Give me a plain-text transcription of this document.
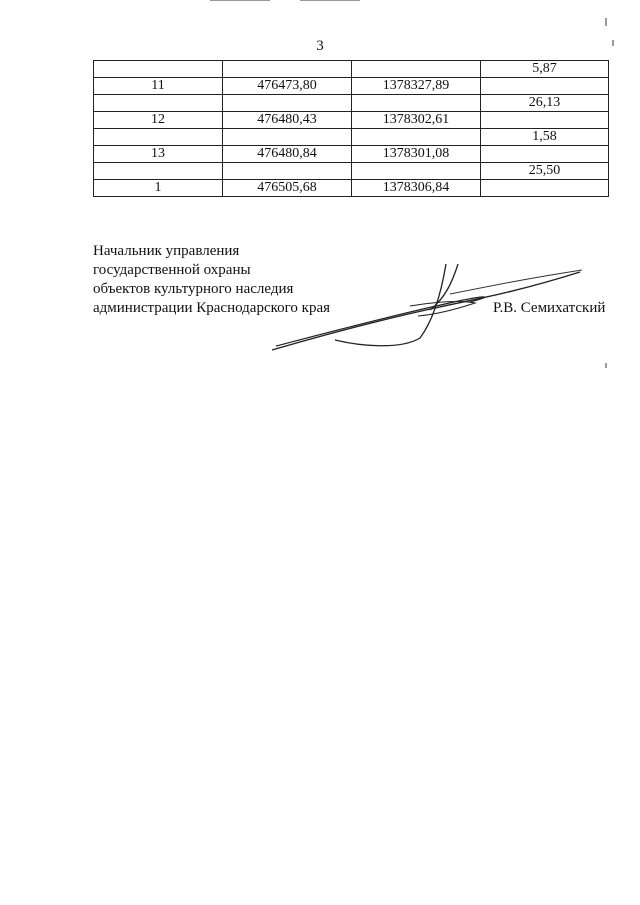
3
			5,87
11	476473,80	1378327,89	
			26,13
12	476480,43	1378302,61	
			1,58
13	476480,84	1378301,08	
			25,50
1	476505,68	1378306,84	
Начальник управления
государственной охраны
объектов культурного наследия
администрации Краснодарского края	Р.В. Семихатский
